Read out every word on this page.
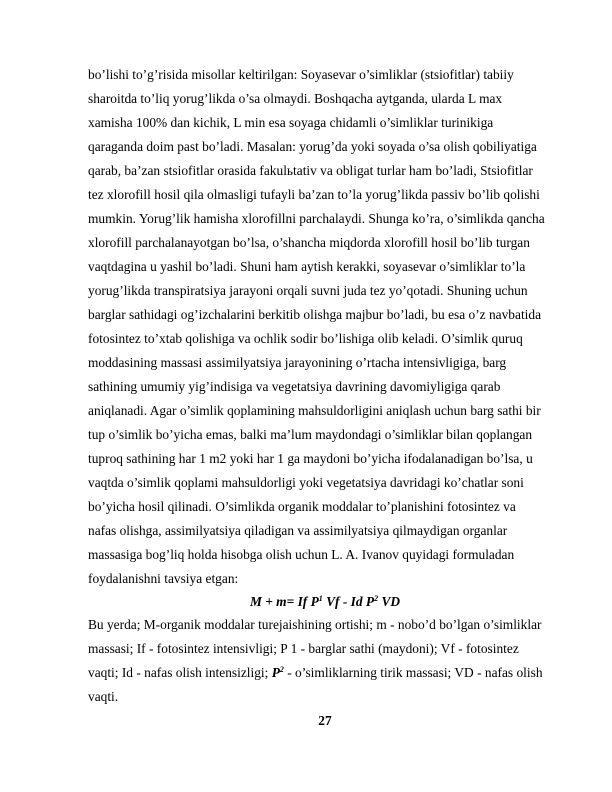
bo’lishi to’g’risida misollar keltirilgan: Soyasevar o’simliklar (stsiofitlar) tabiiy
sharoitda to’liq yorug’likda o’sa olmaydi. Boshqacha aytganda, ularda L max
xamisha 100% dan kichik, L min esa soyaga chidamli o’simliklar turinikiga
qaraganda doim past bo’ladi. Masalan: yorug’da yoki soyada o’sa olish qobiliyatiga
qarab, ba’zan stsiofitlar orasida fakulьtativ va obligat turlar ham bo’ladi, Stsiofitlar
tez xlorofill hosil qila olmasligi tufayli ba’zan to’la yorug’likda passiv bo’lib qolishi
mumkin. Yorug’lik hamisha xlorofillni parchalaydi. Shunga ko’ra, o’simlikda qancha
xlorofill parchalanayotgan bo’lsa, o’shancha miqdorda xlorofill hosil bo’lib turgan
vaqtdagina u yashil bo’ladi. Shuni ham aytish kerakki, soyasevar o’simliklar to’la
yorug’likda transpiratsiya jarayoni orqali suvni juda tez yo’qotadi. Shuning uchun
barglar sathidagi og’izchalarini berkitib olishga majbur bo’ladi, bu esa o’z navbatida
fotosintez to’xtab qolishiga va ochlik sodir bo’lishiga olib keladi. O’simlik quruq
moddasining massasi assimilyatsiya jarayonining o’rtacha intensivligiga, barg
sathining umumiy yig’indisiga va vegetatsiya davrining davomiyligiga qarab
aniqlanadi. Agar o’simlik qoplamining mahsuldorligini aniqlash uchun barg sathi bir
tup o’simlik bo’yicha emas, balki ma’lum maydondagi o’simliklar bilan qoplangan
tuproq sathining har 1 m2 yoki har 1 ga maydoni bo’yicha ifodalanadigan bo’lsa, u
vaqtda o’simlik qoplami mahsuldorligi yoki vegetatsiya davridagi ko’chatlar soni
bo’yicha hosil qilinadi. O’simlikda organik moddalar to’planishini fotosintez va
nafas olishga, assimilyatsiya qiladigan va assimilyatsiya qilmaydigan organlar
massasiga bog’liq holda hisobga olish uchun L. A. Ivanov quyidagi formuladan
foydalanishni tavsiya etgan:
M + m= If $P^1$ Vf - Id $P^2$ VD
Bu yerda; M-organik moddalar turejaishining ortishi; m - nobo’d bo’lgan o’simliklar
massasi; If - fotosintez intensivligi; P 1 - barglar sathi (maydoni); Vf - fotosintez
vaqti; Id - nafas olish intensizligi; $P^2$ - o’simliklarning tirik massasi; VD - nafas olish
vaqti.
27
